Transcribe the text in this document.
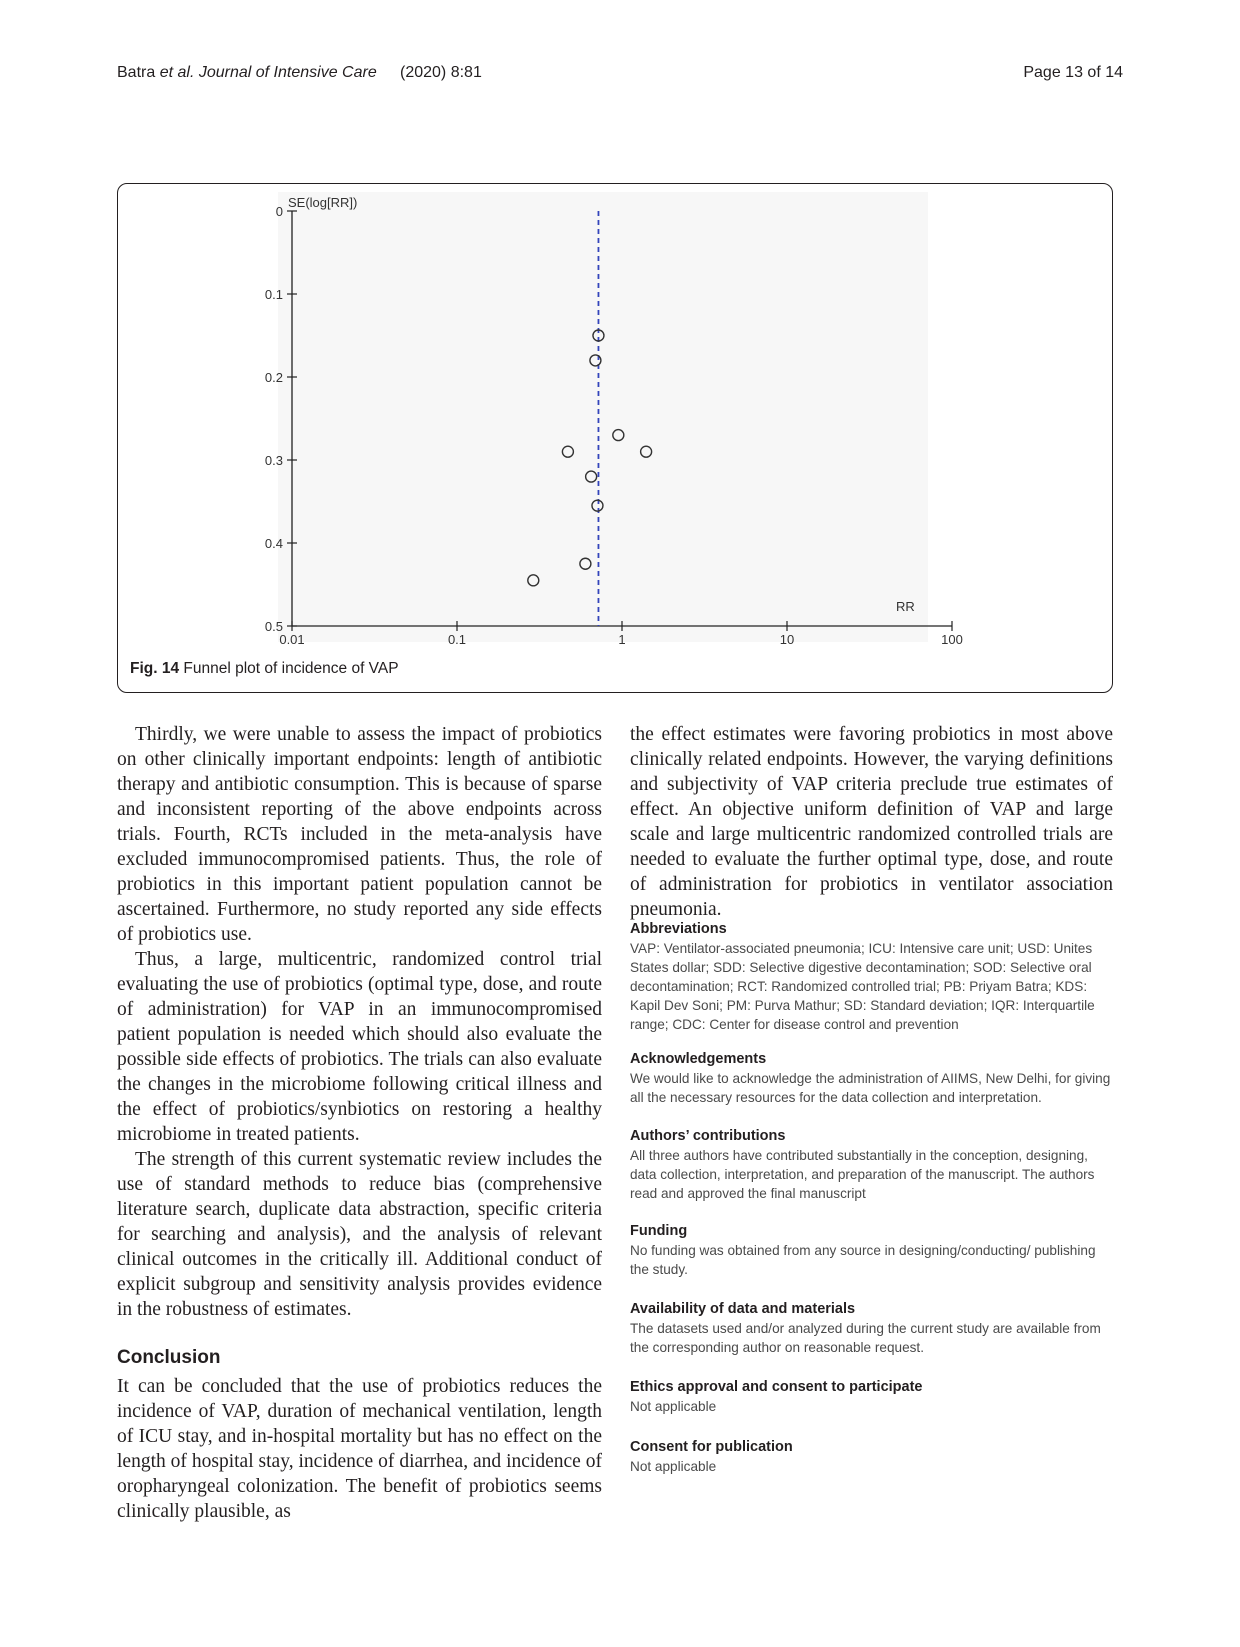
Batra et al. Journal of Intensive Care (2020) 8:81	Page 13 of 14
SE(log[RR])
RR
0
0.1
0.2
0.3
0.4
0.5
0.01	0.1	1	10	100
Fig. 14 Funnel plot of incidence of VAP

Thirdly, we were unable to assess the impact of probiotics on other clinically important endpoints: length of antibiotic therapy and antibiotic consumption. This is because of sparse and inconsistent reporting of the above endpoints across trials. Fourth, RCTs included in the meta-analysis have excluded immunocompromised patients. Thus, the role of probiotics in this important patient population cannot be ascertained. Furthermore, no study reported any side effects of probiotics use.

Thus, a large, multicentric, randomized control trial evaluating the use of probiotics (optimal type, dose, and route of administration) for VAP in an immunocompromised patient population is needed which should also evaluate the possible side effects of probiotics. The trials can also evaluate the changes in the microbiome following critical illness and the effect of probiotics/synbiotics on restoring a healthy microbiome in treated patients.

The strength of this current systematic review includes the use of standard methods to reduce bias (comprehensive literature search, duplicate data abstraction, specific criteria for searching and analysis), and the analysis of relevant clinical outcomes in the critically ill. Additional conduct of explicit subgroup and sensitivity analysis provides evidence in the robustness of estimates.

Conclusion

It can be concluded that the use of probiotics reduces the incidence of VAP, duration of mechanical ventilation, length of ICU stay, and in-hospital mortality but has no effect on the length of hospital stay, incidence of diarrhea, and incidence of oropharyngeal colonization. The benefit of probiotics seems clinically plausible, as

the effect estimates were favoring probiotics in most above clinically related endpoints. However, the varying definitions and subjectivity of VAP criteria preclude true estimates of effect. An objective uniform definition of VAP and large scale and large multicentric randomized controlled trials are needed to evaluate the further optimal type, dose, and route of administration for probiotics in ventilator association pneumonia.

Abbreviations
VAP: Ventilator-associated pneumonia; ICU: Intensive care unit; USD: Unites States dollar; SDD: Selective digestive decontamination; SOD: Selective oral decontamination; RCT: Randomized controlled trial; PB: Priyam Batra; KDS: Kapil Dev Soni; PM: Purva Mathur; SD: Standard deviation; IQR: Interquartile range; CDC: Center for disease control and prevention
Acknowledgements
We would like to acknowledge the administration of AIIMS, New Delhi, for giving all the necessary resources for the data collection and interpretation.
Authors’ contributions
All three authors have contributed substantially in the conception, designing, data collection, interpretation, and preparation of the manuscript. The authors read and approved the final manuscript
Funding
No funding was obtained from any source in designing/conducting/ publishing the study.
Availability of data and materials
The datasets used and/or analyzed during the current study are available from the corresponding author on reasonable request.
Ethics approval and consent to participate
Not applicable
Consent for publication
Not applicable
